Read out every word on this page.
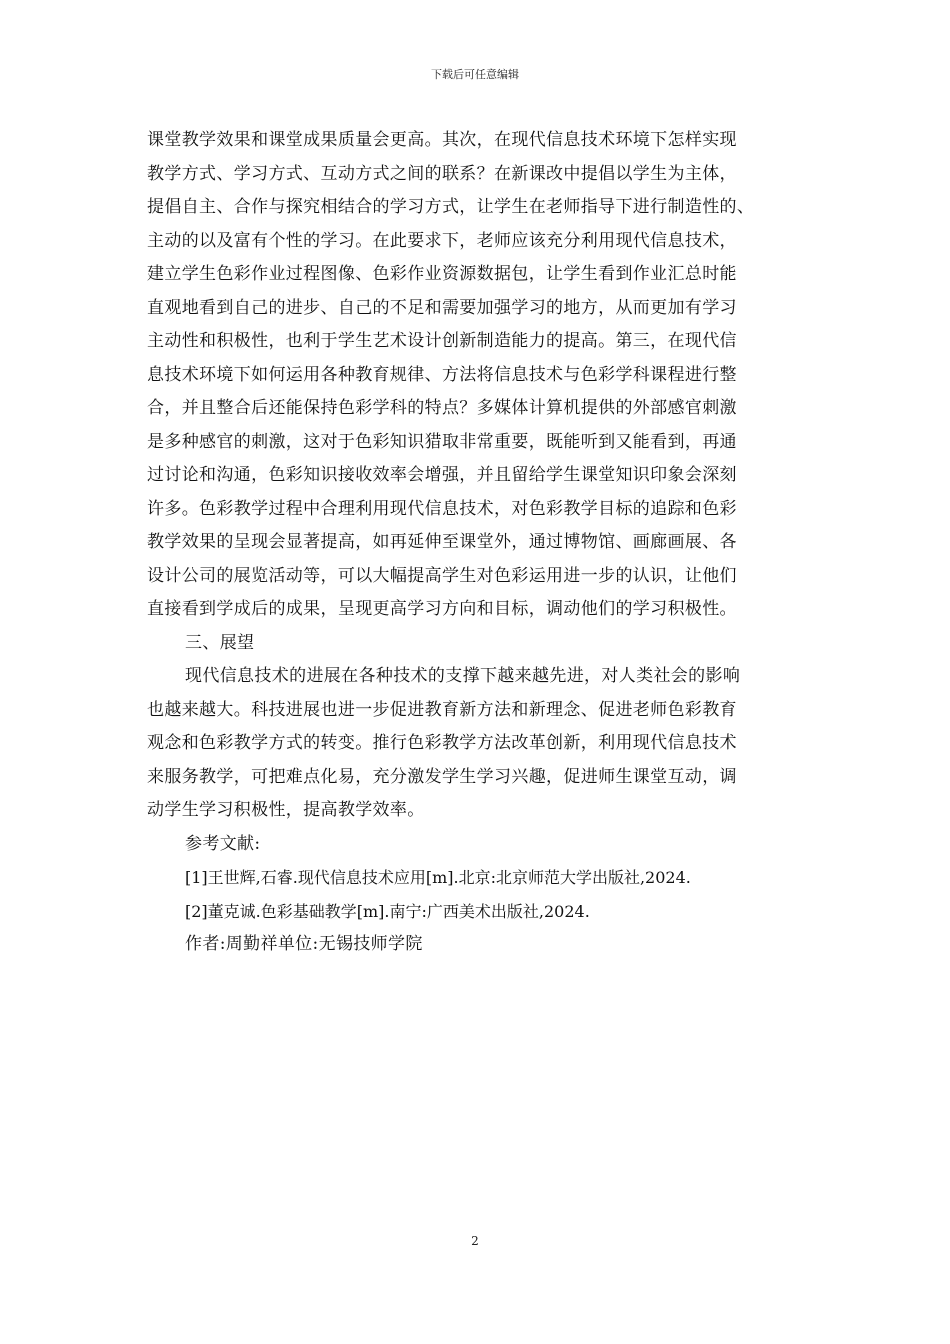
下载后可任意编辑
课堂教学效果和课堂成果质量会更高。其次，在现代信息技术环境下怎样实现
教学方式、学习方式、互动方式之间的联系？在新课改中提倡以学生为主体，
提倡自主、合作与探究相结合的学习方式，让学生在老师指导下进行制造性的、
主动的以及富有个性的学习。在此要求下，老师应该充分利用现代信息技术，
建立学生色彩作业过程图像、色彩作业资源数据包，让学生看到作业汇总时能
直观地看到自己的进步、自己的不足和需要加强学习的地方，从而更加有学习
主动性和积极性，也利于学生艺术设计创新制造能力的提高。第三，在现代信
息技术环境下如何运用各种教育规律、方法将信息技术与色彩学科课程进行整
合，并且整合后还能保持色彩学科的特点？多媒体计算机提供的外部感官刺激
是多种感官的刺激，这对于色彩知识猎取非常重要，既能听到又能看到，再通
过讨论和沟通，色彩知识接收效率会增强，并且留给学生课堂知识印象会深刻
许多。色彩教学过程中合理利用现代信息技术，对色彩教学目标的追踪和色彩
教学效果的呈现会显著提高，如再延伸至课堂外，通过博物馆、画廊画展、各
设计公司的展览活动等，可以大幅提高学生对色彩运用进一步的认识，让他们
直接看到学成后的成果，呈现更高学习方向和目标，调动他们的学习积极性。
三、展望
现代信息技术的进展在各种技术的支撑下越来越先进，对人类社会的影响
也越来越大。科技进展也进一步促进教育新方法和新理念、促进老师色彩教育
观念和色彩教学方式的转变。推行色彩教学方法改革创新，利用现代信息技术
来服务教学，可把难点化易，充分激发学生学习兴趣，促进师生课堂互动，调
动学生学习积极性，提高教学效率。
参考文献:
[1]王世辉,石睿.现代信息技术应用[m].北京:北京师范大学出版社,2024.
[2]董克诚.色彩基础教学[m].南宁:广西美术出版社,2024.
作者:周勤祥单位:无锡技师学院
2
